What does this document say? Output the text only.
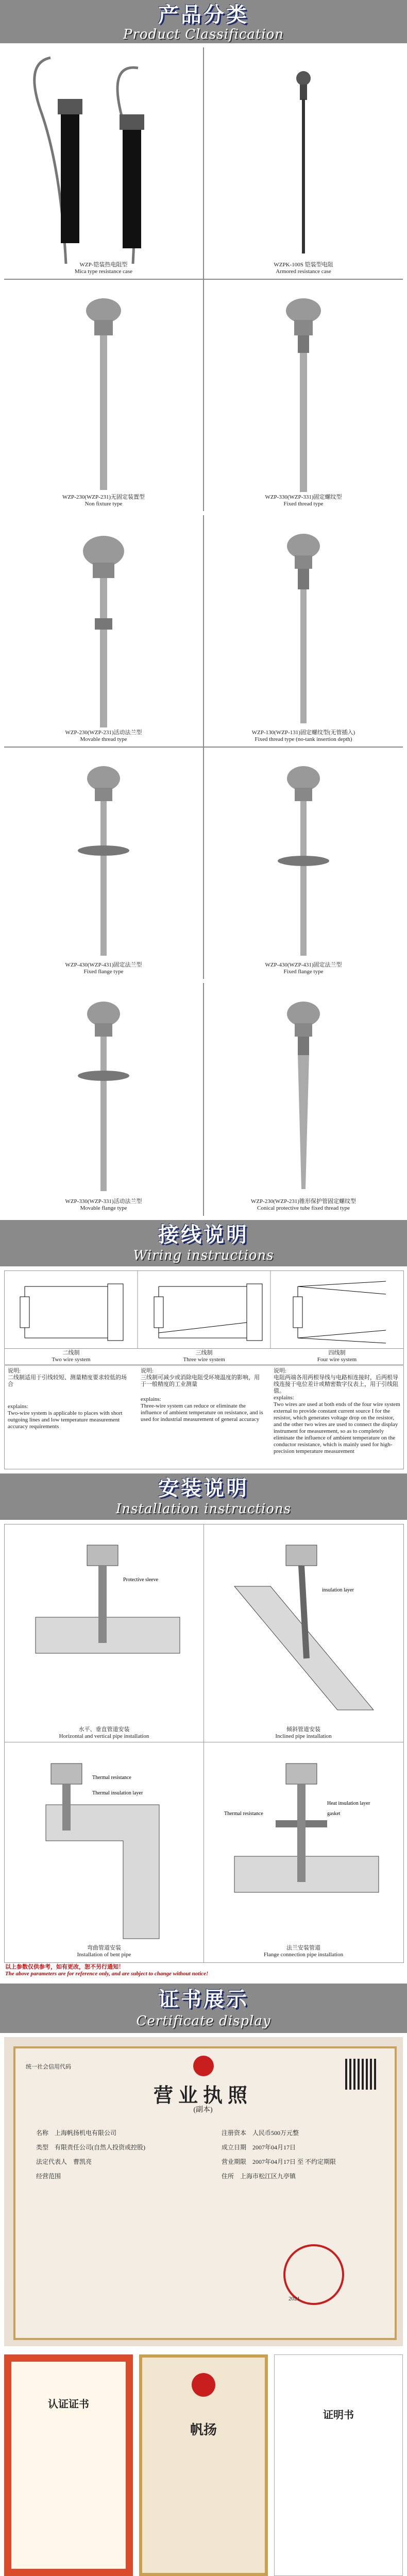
产品分类
Product Classification
WZP-铠装热电阻型
Mica type resistance case
WZPK-100S 铠装型电阻
Armored resistance case
WZP-230(WZP-231)无固定装置型
Non fixture type
WZP-330(WZP-331)固定螺纹型
Fixed thread type
WZP-230(WZP-231)活动法兰型
Movable thread type
WZP-130(WZP-131)固定螺纹型(无管插入)
Fixed thread type (no-tank insertion depth)
WZP-430(WZP-431)固定法兰型
Fixed flange type
WZP-430(WZP-431)固定法兰型
Fixed flange type
WZP-330(WZP-331)活动法兰型
Movable flange type
WZP-230(WZP-231)锥形保护管固定螺纹型
Conical protective tube fixed thread type
接线说明
Wiring instructions
二线制
Two wire system
三线制
Three wire system
四线制
Four wire system
说明:
二线制适用于引线较短、测量精度要求较低的场合
explains:
Two-wire system is applicable to places with short outgoing lines and low temperature measurement accuracy requirements
说明:
三线制可减少或消除电阻受环境温度的影响，用于一般精度的工业测量
explains:
Three-wire system can reduce or eliminate the influence of ambient temperature on resistance, and is used for industrial measurement of general accuracy
说明:
电阻两端各用两根导线与电路相连接时，后两根导线连接于电位差计或精密数字仪表上，用于引线阻值。
explains:
Two wires are used at both ends of the four wire system external to provide constant current source I for the resistor, which generates voltage drop on the resistor, and the other two wires are used to connect the display instrument for measurement, so as to completely eliminate the influence of ambient temperature on the conductor resistance, which is mainly used for high-precision temperature measurement
安装说明
Installation instructions
Protective sleeve
水平、垂直管道安装
Horizontal and vertical pipe installation
insulation layer
倾斜管道安装
Inclined pipe installation
Thermal resistance
Thermal insulation layer
弯曲管道安装
Installation of bent pipe
Heat insulation layer
gasket
Thermal resistance
法兰安装管道
Flange connection pipe installation
以上参数仅供参考，如有更改，恕不另行通知！
The above parameters are for reference only, and are subject to change without notice!
证书展示
Certificate display
统一社会信用代码
营业执照
(副本)
名称　 上海帆扬机电有限公司
类型　 有限责任公司(自然人投资或控股)
法定代表人　 曹凯亮
经营范围　
注册资本　 人民币500万元整
成立日期　 2007年04月17日
营业期限　 2007年04月17日 至 不约定期限
住所　 上海市松江区九亭镇
2021
认证证书
帆扬
证明书
